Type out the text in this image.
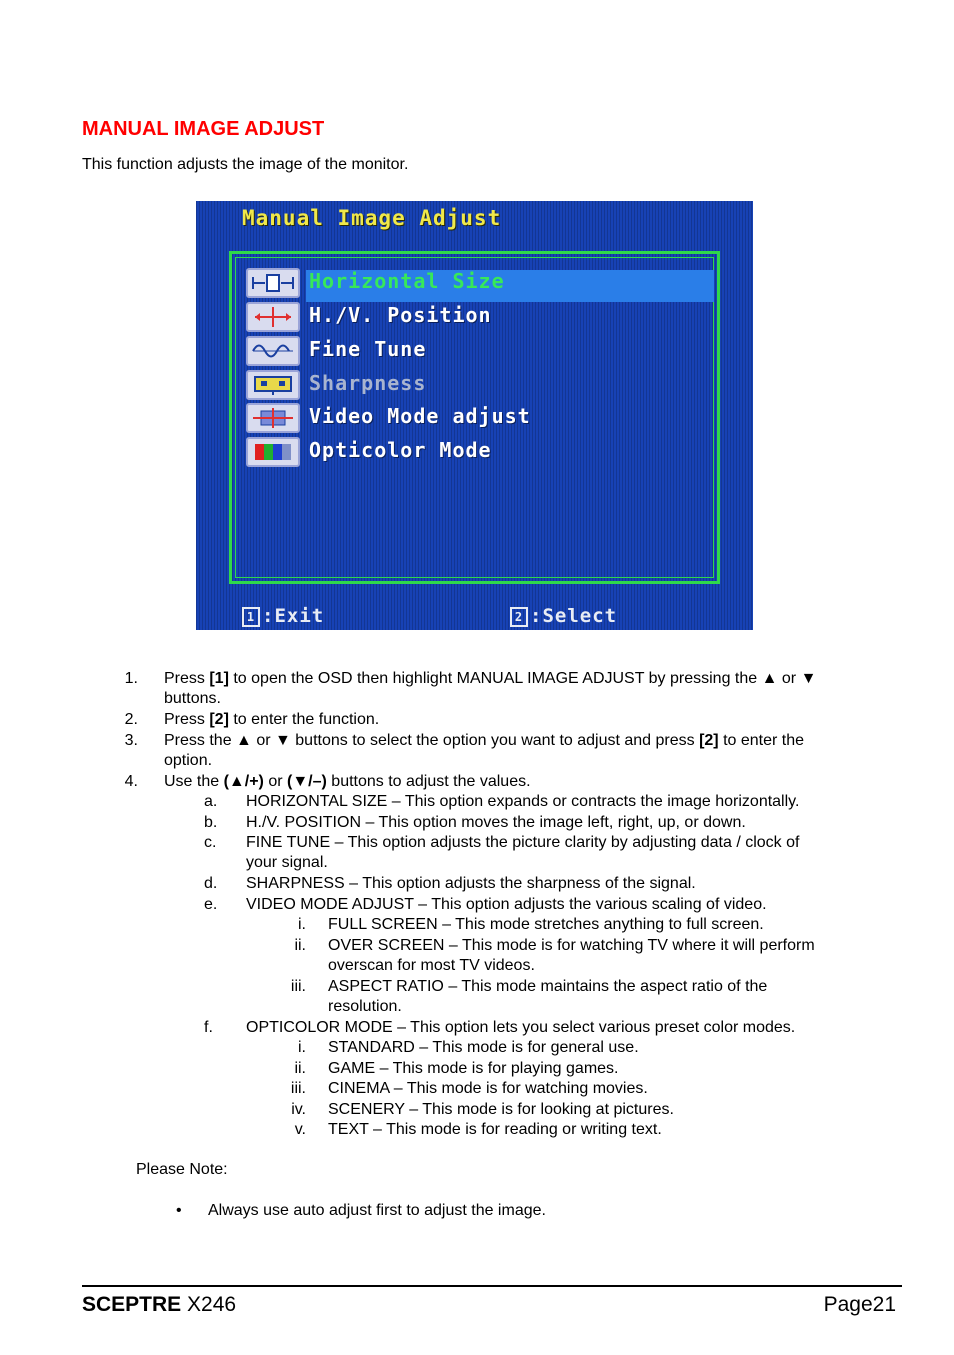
MANUAL IMAGE ADJUST
This function adjusts the image of the monitor.
Manual Image Adjust
Horizontal Size
H./V. Position
Fine Tune
Sharpness
Video Mode adjust
Opticolor Mode
1 :Exit	2 :Select
1. Press [1] to open the OSD then highlight MANUAL IMAGE ADJUST by pressing the ▲ or ▼
buttons.
2. Press [2] to enter the function.
3. Press the ▲ or ▼ buttons to select the option you want to adjust and press [2] to enter the
option.
4. Use the (▲/+) or (▼/–) buttons to adjust the values.
a. HORIZONTAL SIZE – This option expands or contracts the image horizontally.
b. H./V. POSITION – This option moves the image left, right, up, or down.
c. FINE TUNE – This option adjusts the picture clarity by adjusting data / clock of
your signal.
d. SHARPNESS – This option adjusts the sharpness of the signal.
e. VIDEO MODE ADJUST – This option adjusts the various scaling of video.
i. FULL SCREEN – This mode stretches anything to full screen.
ii. OVER SCREEN – This mode is for watching TV where it will perform
overscan for most TV videos.
iii. ASPECT RATIO – This mode maintains the aspect ratio of the
resolution.
f. OPTICOLOR MODE – This option lets you select various preset color modes.
i. STANDARD – This mode is for general use.
ii. GAME – This mode is for playing games.
iii. CINEMA – This mode is for watching movies.
iv. SCENERY – This mode is for looking at pictures.
v. TEXT – This mode is for reading or writing text.
Please Note:
• Always use auto adjust first to adjust the image.
SCEPTRE X246	Page21
